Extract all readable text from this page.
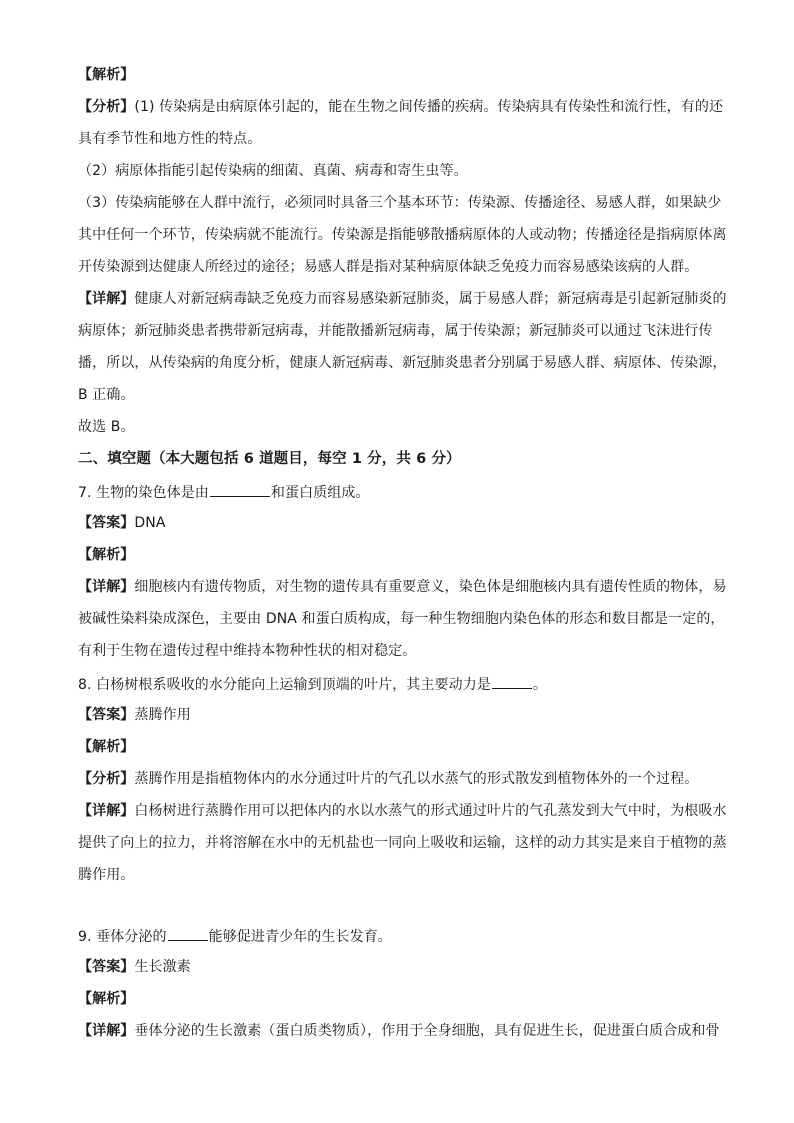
【解析】
【分析】(1) 传染病是由病原体引起的，能在生物之间传播的疾病。传染病具有传染性和流行性，有的还
具有季节性和地方性的特点。
（2）病原体指能引起传染病的细菌、真菌、病毒和寄生虫等。
（3）传染病能够在人群中流行，必须同时具备三个基本环节：传染源、传播途径、易感人群，如果缺少
其中任何一个环节，传染病就不能流行。传染源是指能够散播病原体的人或动物；传播途径是指病原体离
开传染源到达健康人所经过的途径；易感人群是指对某种病原体缺乏免疫力而容易感染该病的人群。
【详解】健康人对新冠病毒缺乏免疫力而容易感染新冠肺炎，属于易感人群；新冠病毒是引起新冠肺炎的
病原体；新冠肺炎患者携带新冠病毒，并能散播新冠病毒，属于传染源；新冠肺炎可以通过飞沫进行传
播，所以，从传染病的角度分析，健康人新冠病毒、新冠肺炎患者分别属于易感人群、病原体、传染源，
B 正确。
故选 B。
二、填空题（本大题包括 6 道题目，每空 1 分，共 6 分）
7. 生物的染色体是由	和蛋白质组成。
【答案】DNA
【解析】
【详解】细胞核内有遗传物质，对生物的遗传具有重要意义，染色体是细胞核内具有遗传性质的物体，易
被碱性染料染成深色，主要由 DNA 和蛋白质构成，每一种生物细胞内染色体的形态和数目都是一定的，
有利于生物在遗传过程中维持本物种性状的相对稳定。
8. 白杨树根系吸收的水分能向上运输到顶端的叶片，其主要动力是	。
【答案】蒸腾作用
【解析】
【分析】蒸腾作用是指植物体内的水分通过叶片的气孔以水蒸气的形式散发到植物体外的一个过程。
【详解】白杨树进行蒸腾作用可以把体内的水以水蒸气的形式通过叶片的气孔蒸发到大气中时，为根吸水
提供了向上的拉力，并将溶解在水中的无机盐也一同向上吸收和运输，这样的动力其实是来自于植物的蒸
腾作用。
9. 垂体分泌的	能够促进青少年的生长发育。
【答案】生长激素
【解析】
【详解】垂体分泌的生长激素（蛋白质类物质），作用于全身细胞，具有促进生长，促进蛋白质合成和骨
